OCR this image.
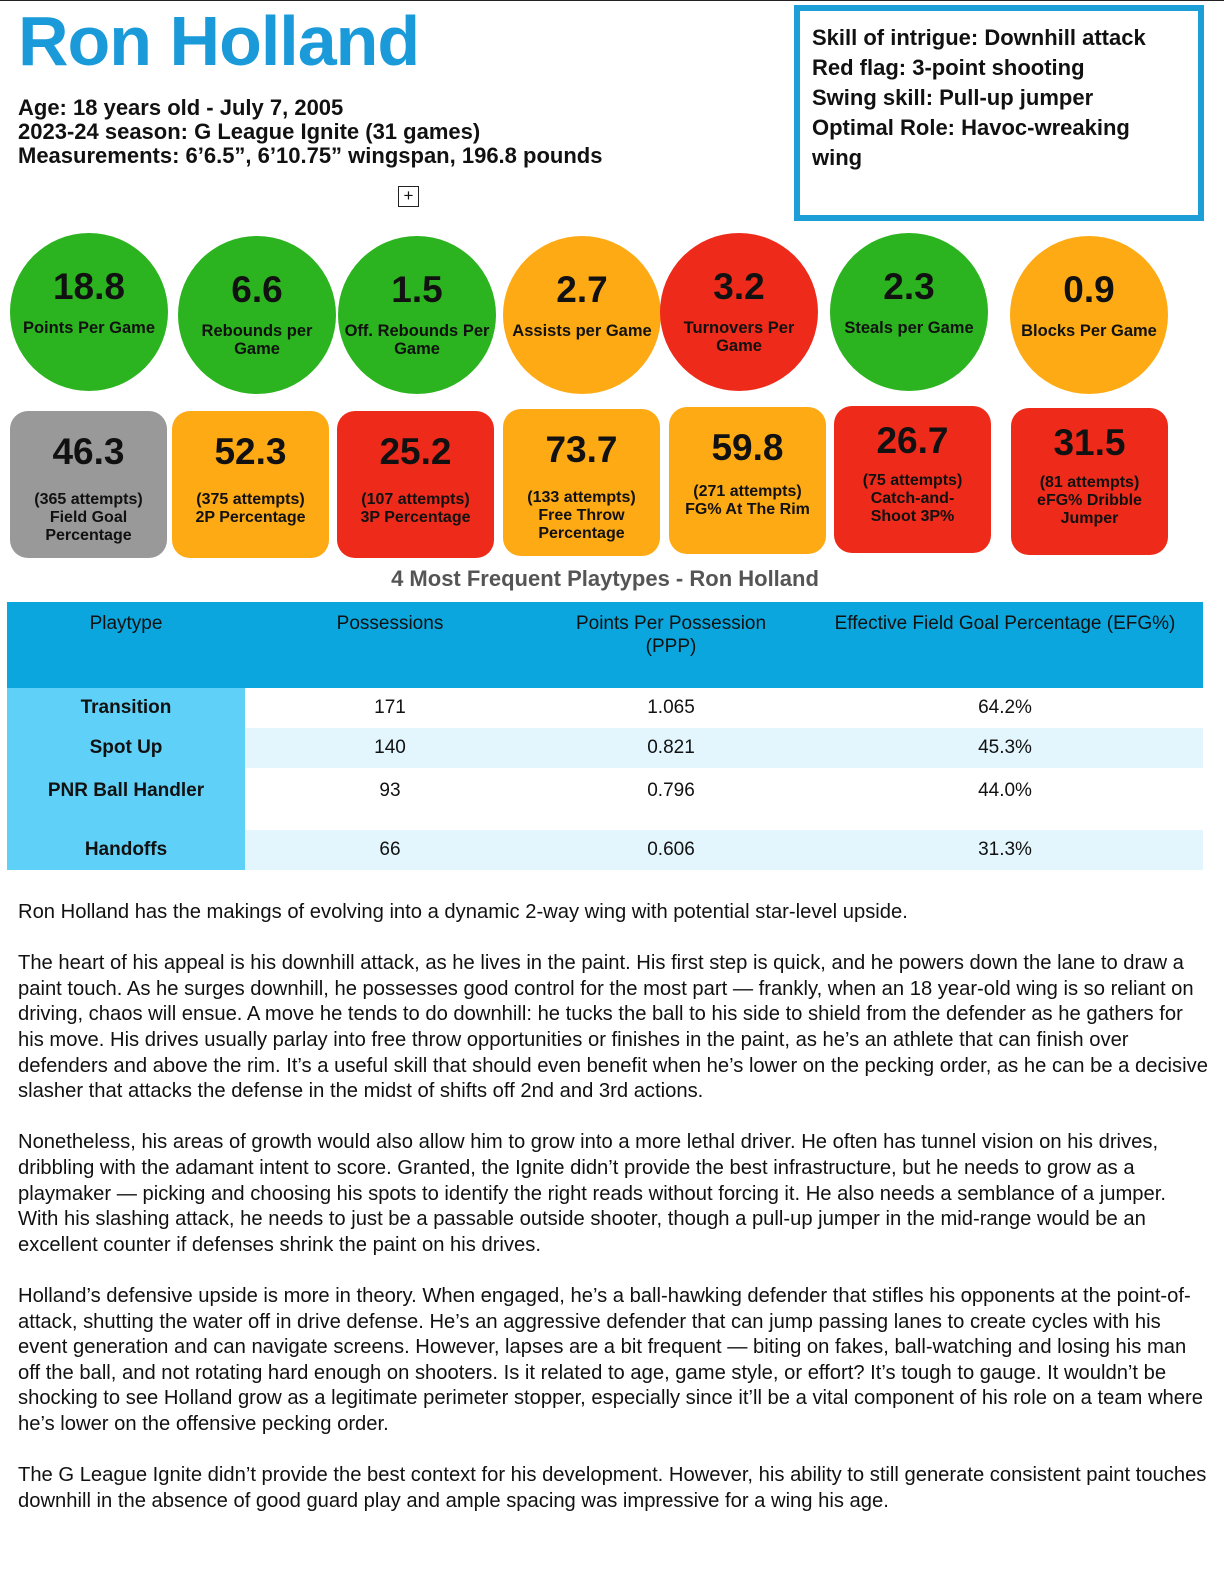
Ron Holland
Age: 18 years old - July 7, 2005
2023-24 season: G League Ignite (31 games)
Measurements: 6’6.5”, 6’10.75” wingspan, 196.8 pounds
+
Skill of intrigue: Downhill attack
Red flag: 3-point shooting
Swing skill: Pull-up jumper
Optimal Role: Havoc-wreaking wing
18.8
Points Per Game
6.6
Rebounds per Game
1.5
Off. Rebounds Per Game
2.7
Assists per Game
3.2
Turnovers Per Game
2.3
Steals per Game
0.9
Blocks Per Game
46.3
(365 attempts)
Field Goal Percentage
52.3
(375 attempts)
2P Percentage
25.2
(107 attempts)
3P Percentage
73.7
(133 attempts)
Free Throw Percentage
59.8
(271 attempts)
FG% At The Rim
26.7
(75 attempts)
Catch-and-Shoot 3P%
31.5
(81 attempts)
eFG% Dribble Jumper
4 Most Frequent Playtypes - Ron Holland
Playtype	Possessions	Points Per Possession (PPP)	Effective Field Goal Percentage (EFG%)
Transition	171	1.065	64.2%
Spot Up	140	0.821	45.3%
PNR Ball Handler	93	0.796	44.0%
Handoffs	66	0.606	31.3%

Ron Holland has the makings of evolving into a dynamic 2-way wing with potential star-level upside.

The heart of his appeal is his downhill attack, as he lives in the paint. His first step is quick, and he powers down the lane to draw a paint touch. As he surges downhill, he possesses good control for the most part — frankly, when an 18 year-old wing is so reliant on driving, chaos will ensue. A move he tends to do downhill: he tucks the ball to his side to shield from the defender as he gathers for his move. His drives usually parlay into free throw opportunities or finishes in the paint, as he’s an athlete that can finish over defenders and above the rim. It’s a useful skill that should even benefit when he’s lower on the pecking order, as he can be a decisive slasher that attacks the defense in the midst of shifts off 2nd and 3rd actions.

Nonetheless, his areas of growth would also allow him to grow into a more lethal driver. He often has tunnel vision on his drives, dribbling with the adamant intent to score. Granted, the Ignite didn’t provide the best infrastructure, but he needs to grow as a playmaker — picking and choosing his spots to identify the right reads without forcing it. He also needs a semblance of a jumper. With his slashing attack, he needs to just be a passable outside shooter, though a pull-up jumper in the mid-range would be an excellent counter if defenses shrink the paint on his drives.

Holland’s defensive upside is more in theory. When engaged, he’s a ball-hawking defender that stifles his opponents at the point-of-attack, shutting the water off in drive defense. He’s an aggressive defender that can jump passing lanes to create cycles with his event generation and can navigate screens. However, lapses are a bit frequent — biting on fakes, ball-watching and losing his man off the ball, and not rotating hard enough on shooters. Is it related to age, game style, or effort? It’s tough to gauge. It wouldn’t be shocking to see Holland grow as a legitimate perimeter stopper, especially since it’ll be a vital component of his role on a team where he’s lower on the offensive pecking order.

The G League Ignite didn’t provide the best context for his development. However, his ability to still generate consistent paint touches downhill in the absence of good guard play and ample spacing was impressive for a wing his age.
